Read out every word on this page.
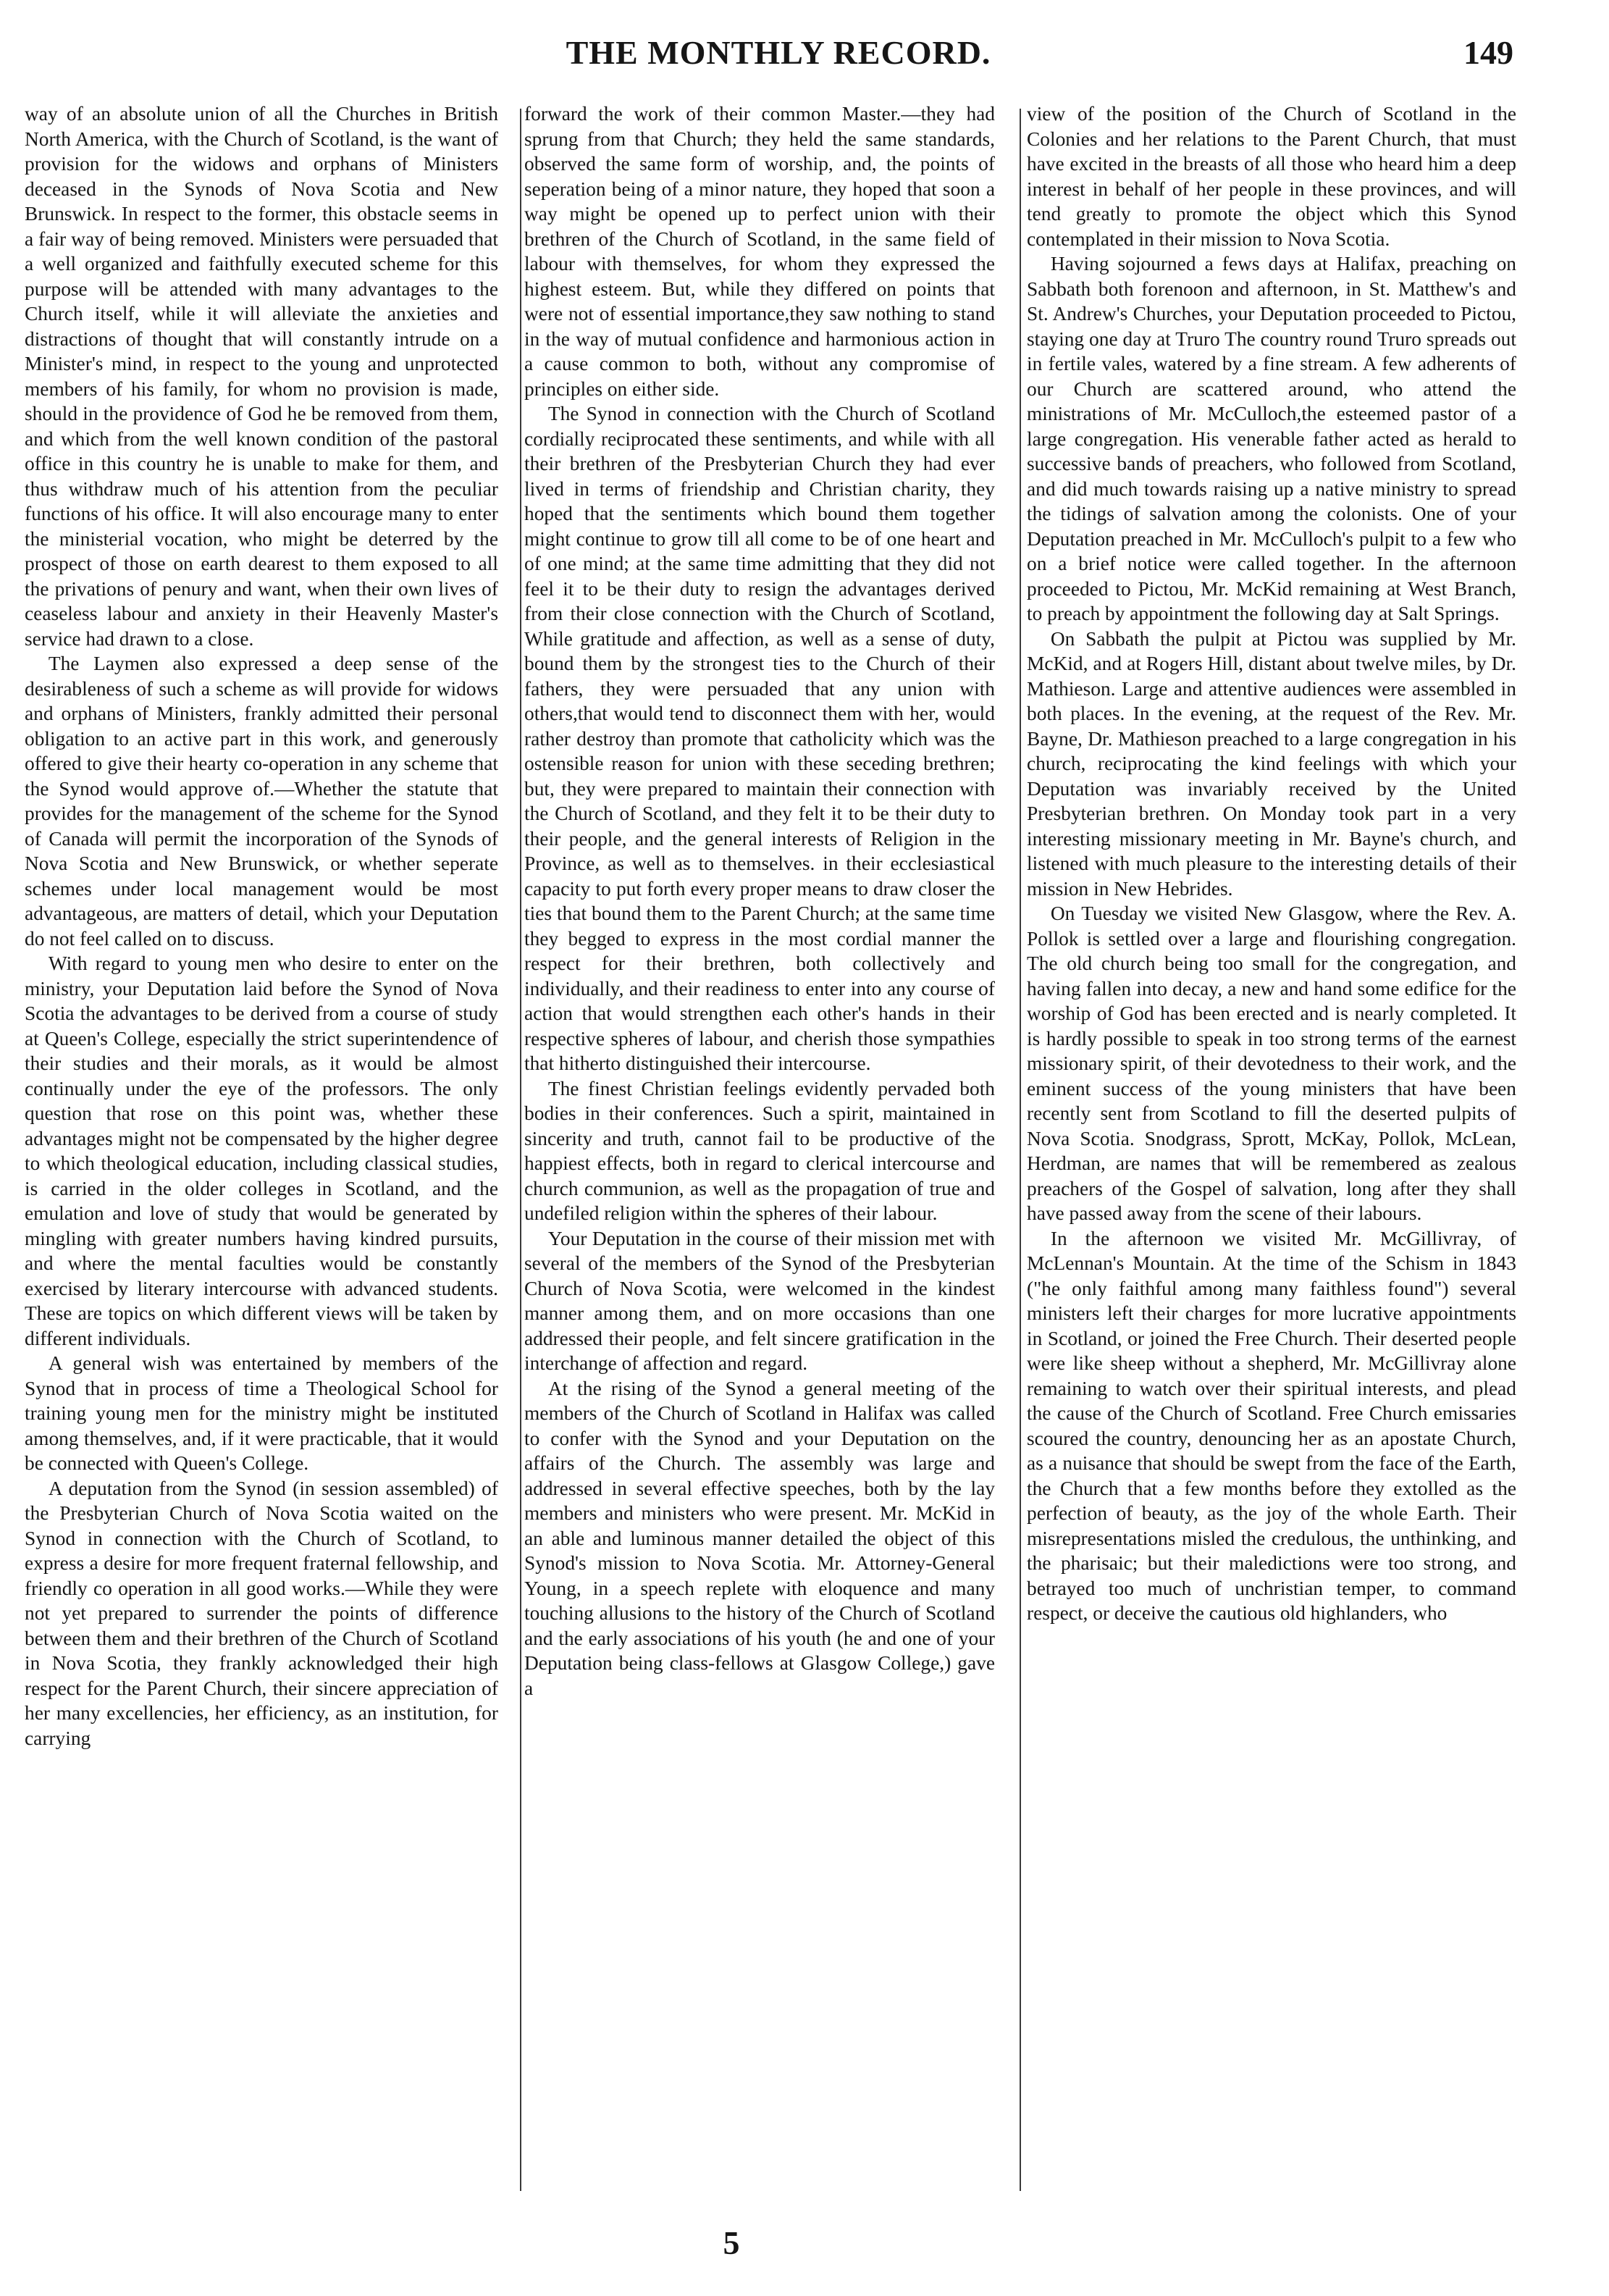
THE MONTHLY RECORD.	149

way of an absolute union of all the Churches in British North America, with the Church of Scotland, is the want of provision for the widows and orphans of Ministers deceased in the Synods of Nova Scotia and New Brunswick. In respect to the former, this obstacle seems in a fair way of being removed. Ministers were persuaded that a well organized and faithfully executed scheme for this purpose will be attended with many advantages to the Church itself, while it will alleviate the anxieties and distractions of thought that will constantly intrude on a Minister's mind, in respect to the young and unprotected members of his family, for whom no provision is made, should in the providence of God he be removed from them, and which from the well known condition of the pastoral office in this country he is unable to make for them, and thus withdraw much of his attention from the peculiar functions of his office. It will also encourage many to enter the ministerial vocation, who might be deterred by the prospect of those on earth dearest to them exposed to all the privations of penury and want, when their own lives of ceaseless labour and anxiety in their Heavenly Master's service had drawn to a close.

The Laymen also expressed a deep sense of the desirableness of such a scheme as will provide for widows and orphans of Ministers, frankly admitted their personal obligation to an active part in this work, and generously offered to give their hearty co-operation in any scheme that the Synod would approve of.—Whether the statute that provides for the management of the scheme for the Synod of Canada will permit the incorporation of the Synods of Nova Scotia and New Brunswick, or whether seperate schemes under local management would be most advantageous, are matters of detail, which your Deputation do not feel called on to discuss.

With regard to young men who desire to enter on the ministry, your Deputation laid before the Synod of Nova Scotia the advantages to be derived from a course of study at Queen's College, especially the strict superintendence of their studies and their morals, as it would be almost continually under the eye of the professors. The only question that rose on this point was, whether these advantages might not be compensated by the higher degree to which theological education, including classical studies, is carried in the older colleges in Scotland, and the emulation and love of study that would be generated by mingling with greater numbers having kindred pursuits, and where the mental faculties would be constantly exercised by literary intercourse with advanced students. These are topics on which different views will be taken by different individuals.

A general wish was entertained by members of the Synod that in process of time a Theological School for training young men for the ministry might be instituted among themselves, and, if it were practicable, that it would be connected with Queen's College.

A deputation from the Synod (in session assembled) of the Presbyterian Church of Nova Scotia waited on the Synod in connection with the Church of Scotland, to express a desire for more frequent fraternal fellowship, and friendly co operation in all good works.—While they were not yet prepared to surrender the points of difference between them and their brethren of the Church of Scotland in Nova Scotia, they frankly acknowledged their high respect for the Parent Church, their sincere appreciation of her many excellencies, her efficiency, as an institution, for carrying

forward the work of their common Master.—they had sprung from that Church; they held the same standards, observed the same form of worship, and, the points of seperation being of a minor nature, they hoped that soon a way might be opened up to perfect union with their brethren of the Church of Scotland, in the same field of labour with themselves, for whom they expressed the highest esteem. But, while they differed on points that were not of essential importance,they saw nothing to stand in the way of mutual confidence and harmonious action in a cause common to both, without any compromise of principles on either side.

The Synod in connection with the Church of Scotland cordially reciprocated these sentiments, and while with all their brethren of the Presbyterian Church they had ever lived in terms of friendship and Christian charity, they hoped that the sentiments which bound them together might continue to grow till all come to be of one heart and of one mind; at the same time admitting that they did not feel it to be their duty to resign the advantages derived from their close connection with the Church of Scotland, While gratitude and affection, as well as a sense of duty, bound them by the strongest ties to the Church of their fathers, they were persuaded that any union with others,that would tend to disconnect them with her, would rather destroy than promote that catholicity which was the ostensible reason for union with these seceding brethren; but, they were prepared to maintain their connection with the Church of Scotland, and they felt it to be their duty to their people, and the general interests of Religion in the Province, as well as to themselves. in their ecclesiastical capacity to put forth every proper means to draw closer the ties that bound them to the Parent Church; at the same time they begged to express in the most cordial manner the respect for their brethren, both collectively and individually, and their readiness to enter into any course of action that would strengthen each other's hands in their respective spheres of labour, and cherish those sympathies that hitherto distinguished their intercourse.

The finest Christian feelings evidently pervaded both bodies in their conferences. Such a spirit, maintained in sincerity and truth, cannot fail to be productive of the happiest effects, both in regard to clerical intercourse and church communion, as well as the propagation of true and undefiled religion within the spheres of their labour.

Your Deputation in the course of their mission met with several of the members of the Synod of the Presbyterian Church of Nova Scotia, were welcomed in the kindest manner among them, and on more occasions than one addressed their people, and felt sincere gratification in the interchange of affection and regard.

At the rising of the Synod a general meeting of the members of the Church of Scotland in Halifax was called to confer with the Synod and your Deputation on the affairs of the Church. The assembly was large and addressed in several effective speeches, both by the lay members and ministers who were present. Mr. McKid in an able and luminous manner detailed the object of this Synod's mission to Nova Scotia. Mr. Attorney-General Young, in a speech replete with eloquence and many touching allusions to the history of the Church of Scotland and the early associations of his youth (he and one of your Deputation being class-fellows at Glasgow College,) gave a

view of the position of the Church of Scotland in the Colonies and her relations to the Parent Church, that must have excited in the breasts of all those who heard him a deep interest in behalf of her people in these provinces, and will tend greatly to promote the object which this Synod contemplated in their mission to Nova Scotia.

Having sojourned a fews days at Halifax, preaching on Sabbath both forenoon and afternoon, in St. Matthew's and St. Andrew's Churches, your Deputation proceeded to Pictou, staying one day at Truro The country round Truro spreads out in fertile vales, watered by a fine stream. A few adherents of our Church are scattered around, who attend the ministrations of Mr. McCulloch,the esteemed pastor of a large congregation. His venerable father acted as herald to successive bands of preachers, who followed from Scotland, and did much towards raising up a native ministry to spread the tidings of salvation among the colonists. One of your Deputation preached in Mr. McCulloch's pulpit to a few who on a brief notice were called together. In the afternoon proceeded to Pictou, Mr. McKid remaining at West Branch, to preach by appointment the following day at Salt Springs.

On Sabbath the pulpit at Pictou was supplied by Mr. McKid, and at Rogers Hill, distant about twelve miles, by Dr. Mathieson. Large and attentive audiences were assembled in both places. In the evening, at the request of the Rev. Mr. Bayne, Dr. Mathieson preached to a large congregation in his church, reciprocating the kind feelings with which your Deputation was invariably received by the United Presbyterian brethren. On Monday took part in a very interesting missionary meeting in Mr. Bayne's church, and listened with much pleasure to the interesting details of their mission in New Hebrides.

On Tuesday we visited New Glasgow, where the Rev. A. Pollok is settled over a large and flourishing congregation. The old church being too small for the congregation, and having fallen into decay, a new and hand some edifice for the worship of God has been erected and is nearly completed. It is hardly possible to speak in too strong terms of the earnest missionary spirit, of their devotedness to their work, and the eminent success of the young ministers that have been recently sent from Scotland to fill the deserted pulpits of Nova Scotia. Snodgrass, Sprott, McKay, Pollok, McLean, Herdman, are names that will be remembered as zealous preachers of the Gospel of salvation, long after they shall have passed away from the scene of their labours.

In the afternoon we visited Mr. McGillivray, of McLennan's Mountain. At the time of the Schism in 1843 ("he only faithful among many faithless found") several ministers left their charges for more lucrative appointments in Scotland, or joined the Free Church. Their deserted people were like sheep without a shepherd, Mr. McGillivray alone remaining to watch over their spiritual interests, and plead the cause of the Church of Scotland. Free Church emissaries scoured the country, denouncing her as an apostate Church, as a nuisance that should be swept from the face of the Earth, the Church that a few months before they extolled as the perfection of beauty, as the joy of the whole Earth. Their misrepresentations misled the credulous, the unthinking, and the pharisaic; but their maledictions were too strong, and betrayed too much of unchristian temper, to command respect, or deceive the cautious old highlanders, who

5
